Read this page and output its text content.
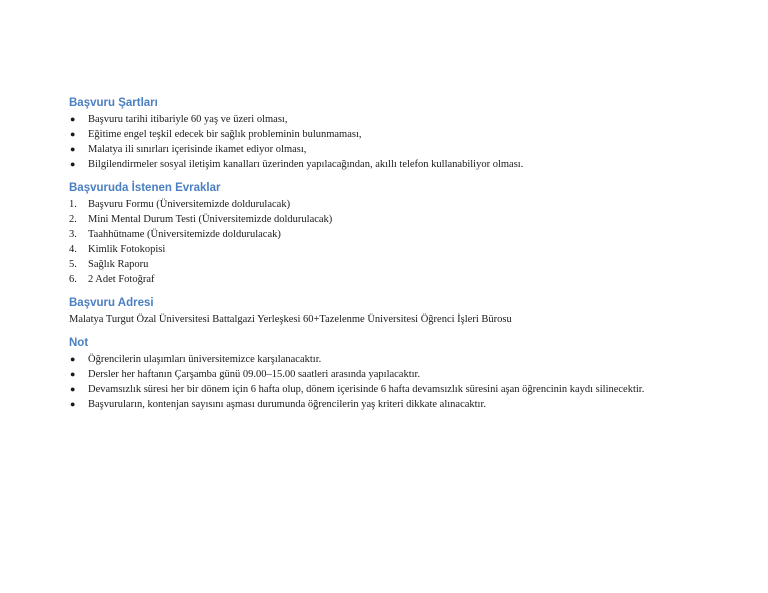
Başvuru Şartları
● Başvuru tarihi itibariyle 60 yaş ve üzeri olması,
● Eğitime engel teşkil edecek bir sağlık probleminin bulunmaması,
● Malatya ili sınırları içerisinde ikamet ediyor olması,
● Bilgilendirmeler sosyal iletişim kanalları üzerinden yapılacağından, akıllı telefon kullanabiliyor olması.
Başvuruda İstenen Evraklar
1. Başvuru Formu (Üniversitemizde doldurulacak)
2. Mini Mental Durum Testi (Üniversitemizde doldurulacak)
3. Taahhütname (Üniversitemizde doldurulacak)
4. Kimlik Fotokopisi
5. Sağlık Raporu
6. 2 Adet Fotoğraf
Başvuru Adresi

Malatya Turgut Özal Üniversitesi Battalgazi Yerleşkesi 60+Tazelenme Üniversitesi Öğrenci İşleri Bürosu

Not
● Öğrencilerin ulaşımları üniversitemizce karşılanacaktır.
● Dersler her haftanın Çarşamba günü 09.00–15.00 saatleri arasında yapılacaktır.
● Devamsızlık süresi her bir dönem için 6 hafta olup, dönem içerisinde 6 hafta devamsızlık süresini aşan öğrencinin kaydı silinecektir.
● Başvuruların, kontenjan sayısını aşması durumunda öğrencilerin yaş kriteri dikkate alınacaktır.
